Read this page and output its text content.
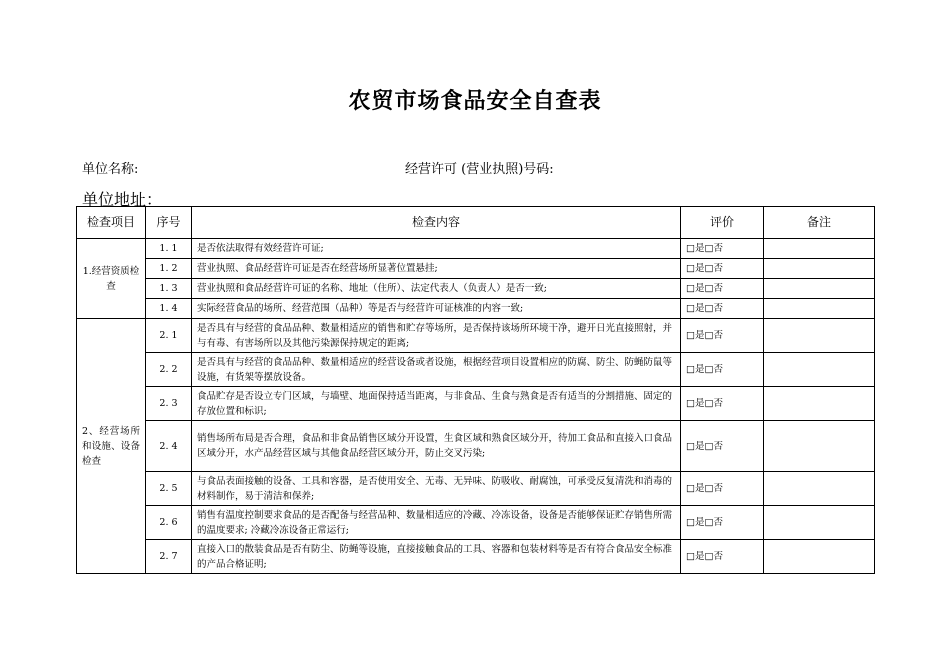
农贸市场食品安全自查表
单位名称:	经营许可 (营业执照)号码:
单位地址：
检查项目	序号	检查内容	评价	备注
1.经营资质检查	1. 1	是否依法取得有效经营许可证;	□是□否	
	1. 2	营业执照、食品经营许可证是否在经营场所显著位置悬挂;	□是□否	
	1. 3	营业执照和食品经营许可证的名称、地址（住所）、法定代表人（负责人）是否一致;	□是□否	
	1. 4	实际经营食品的场所、经营范围（品种）等是否与经营许可证核准的内容一致;	□是□否	
2、经营场所和设施、设备检查	2. 1	是否具有与经营的食品品种、数量相适应的销售和贮存等场所，是否保持该场所环境干净，避开日光直接照射，并与有毒、有害场所以及其他污染源保持规定的距离;	□是□否	
	2. 2	是否具有与经营的食品品种、数量相适应的经营设备或者设施，根据经营项目设置相应的防腐、防尘、防蝇防鼠等设施，有货架等摆放设备。	□是□否	
	2. 3	食品贮存是否设立专门区域，与墙壁、地面保持适当距离，与非食品、生食与熟食是否有适当的分割措施、固定的存放位置和标识;	□是□否	
	2. 4	销售场所布局是否合理，食品和非食品销售区域分开设置，生食区域和熟食区域分开，待加工食品和直接入口食品区域分开，水产品经营区域与其他食品经营区域分开，防止交叉污染;	□是□否	
	2. 5	与食品表面接触的设备、工具和容器，是否使用安全、无毒、无异味、防吸收、耐腐蚀，可承受反复清洗和消毒的材料制作，易于清洁和保养;	□是□否	
	2. 6	销售有温度控制要求食品的是否配备与经营品种、数量相适应的冷藏、冷冻设备，设备是否能够保证贮存销售所需的温度要求; 冷藏冷冻设备正常运行;	□是□否	
	2. 7	直接入口的散装食品是否有防尘、防蝇等设施，直接接触食品的工具、容器和包装材料等是否有符合食品安全标准的产品合格证明;	□是□否	
